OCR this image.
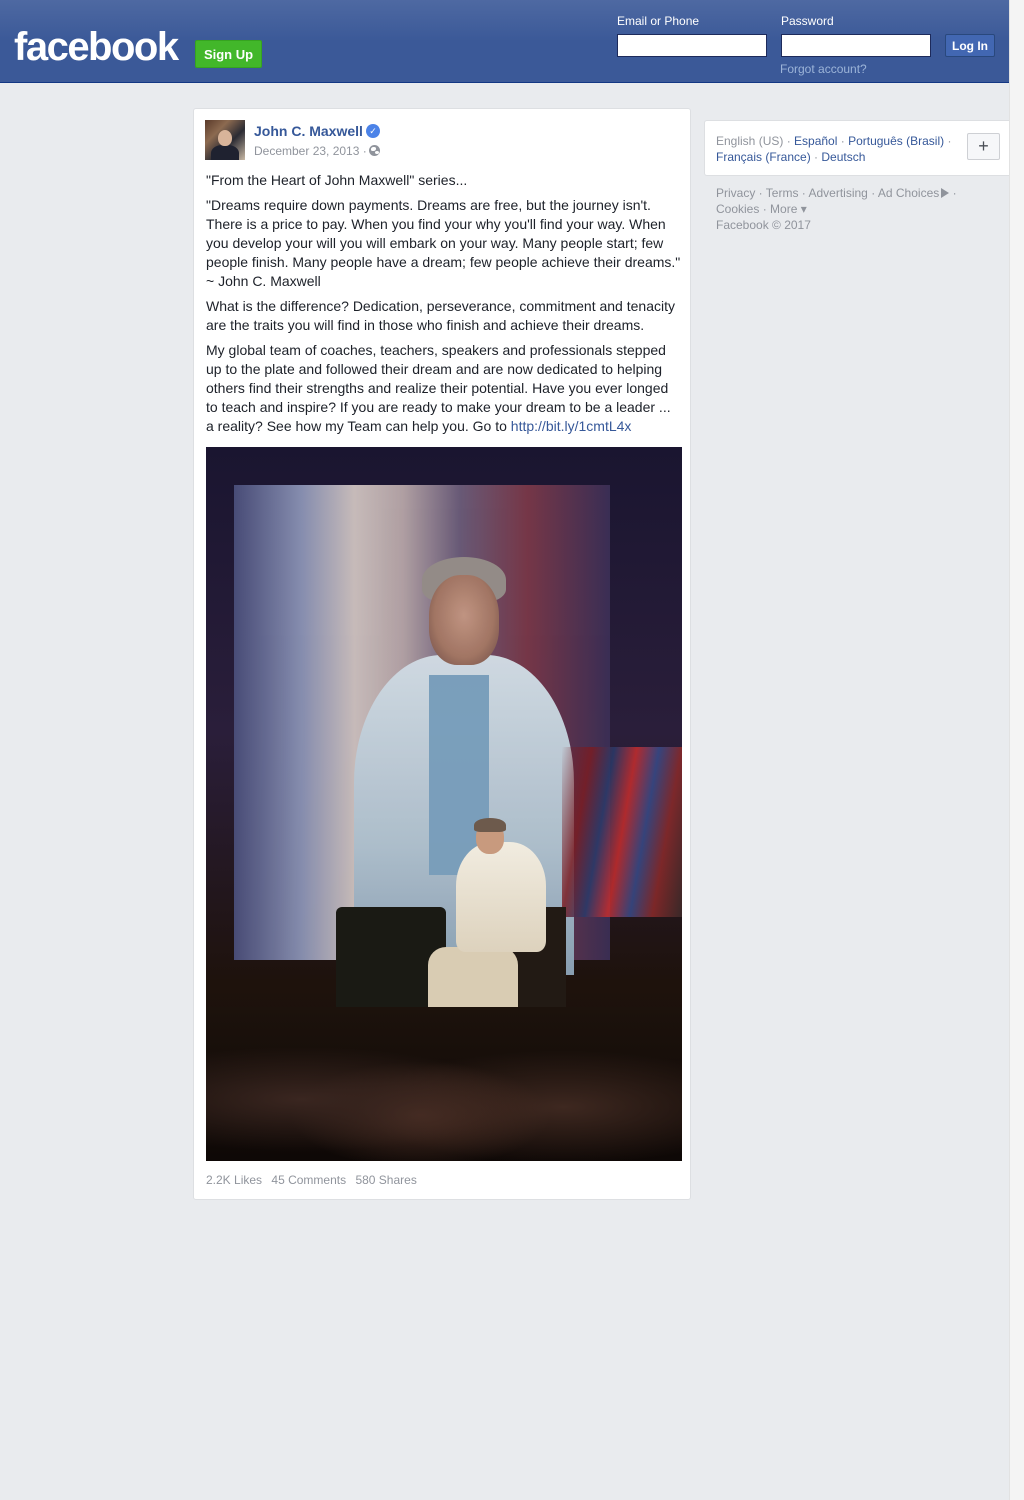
facebook	Sign Up
Email or Phone	Password
Log In
Forgot account?
John C. Maxwell ✓
December 23, 2013 ·

"From the Heart of John Maxwell" series...

"Dreams require down payments. Dreams are free, but the journey isn't. There is a price to pay. When you find your why you'll find your way. When you develop your will you will embark on your way. Many people start; few people finish. Many people have a dream; few people achieve their dreams." ~ John C. Maxwell

What is the difference? Dedication, perseverance, commitment and tenacity are the traits you will find in those who finish and achieve their dreams.

My global team of coaches, teachers, speakers and professionals stepped up to the plate and followed their dream and are now dedicated to helping others find their strengths and realize their potential. Have you ever longed to teach and inspire? If you are ready to make your dream to be a leader ... a reality? See how my Team can help you. Go to http://bit.ly/1cmtL4x

2.2K Likes 45 Comments 580 Shares
English (US) · Español · Português (Brasil) ·
Français (France) · Deutsch
+
Privacy · Terms · Advertising · Ad Choices ·
Cookies · More ▾
Facebook © 2017
